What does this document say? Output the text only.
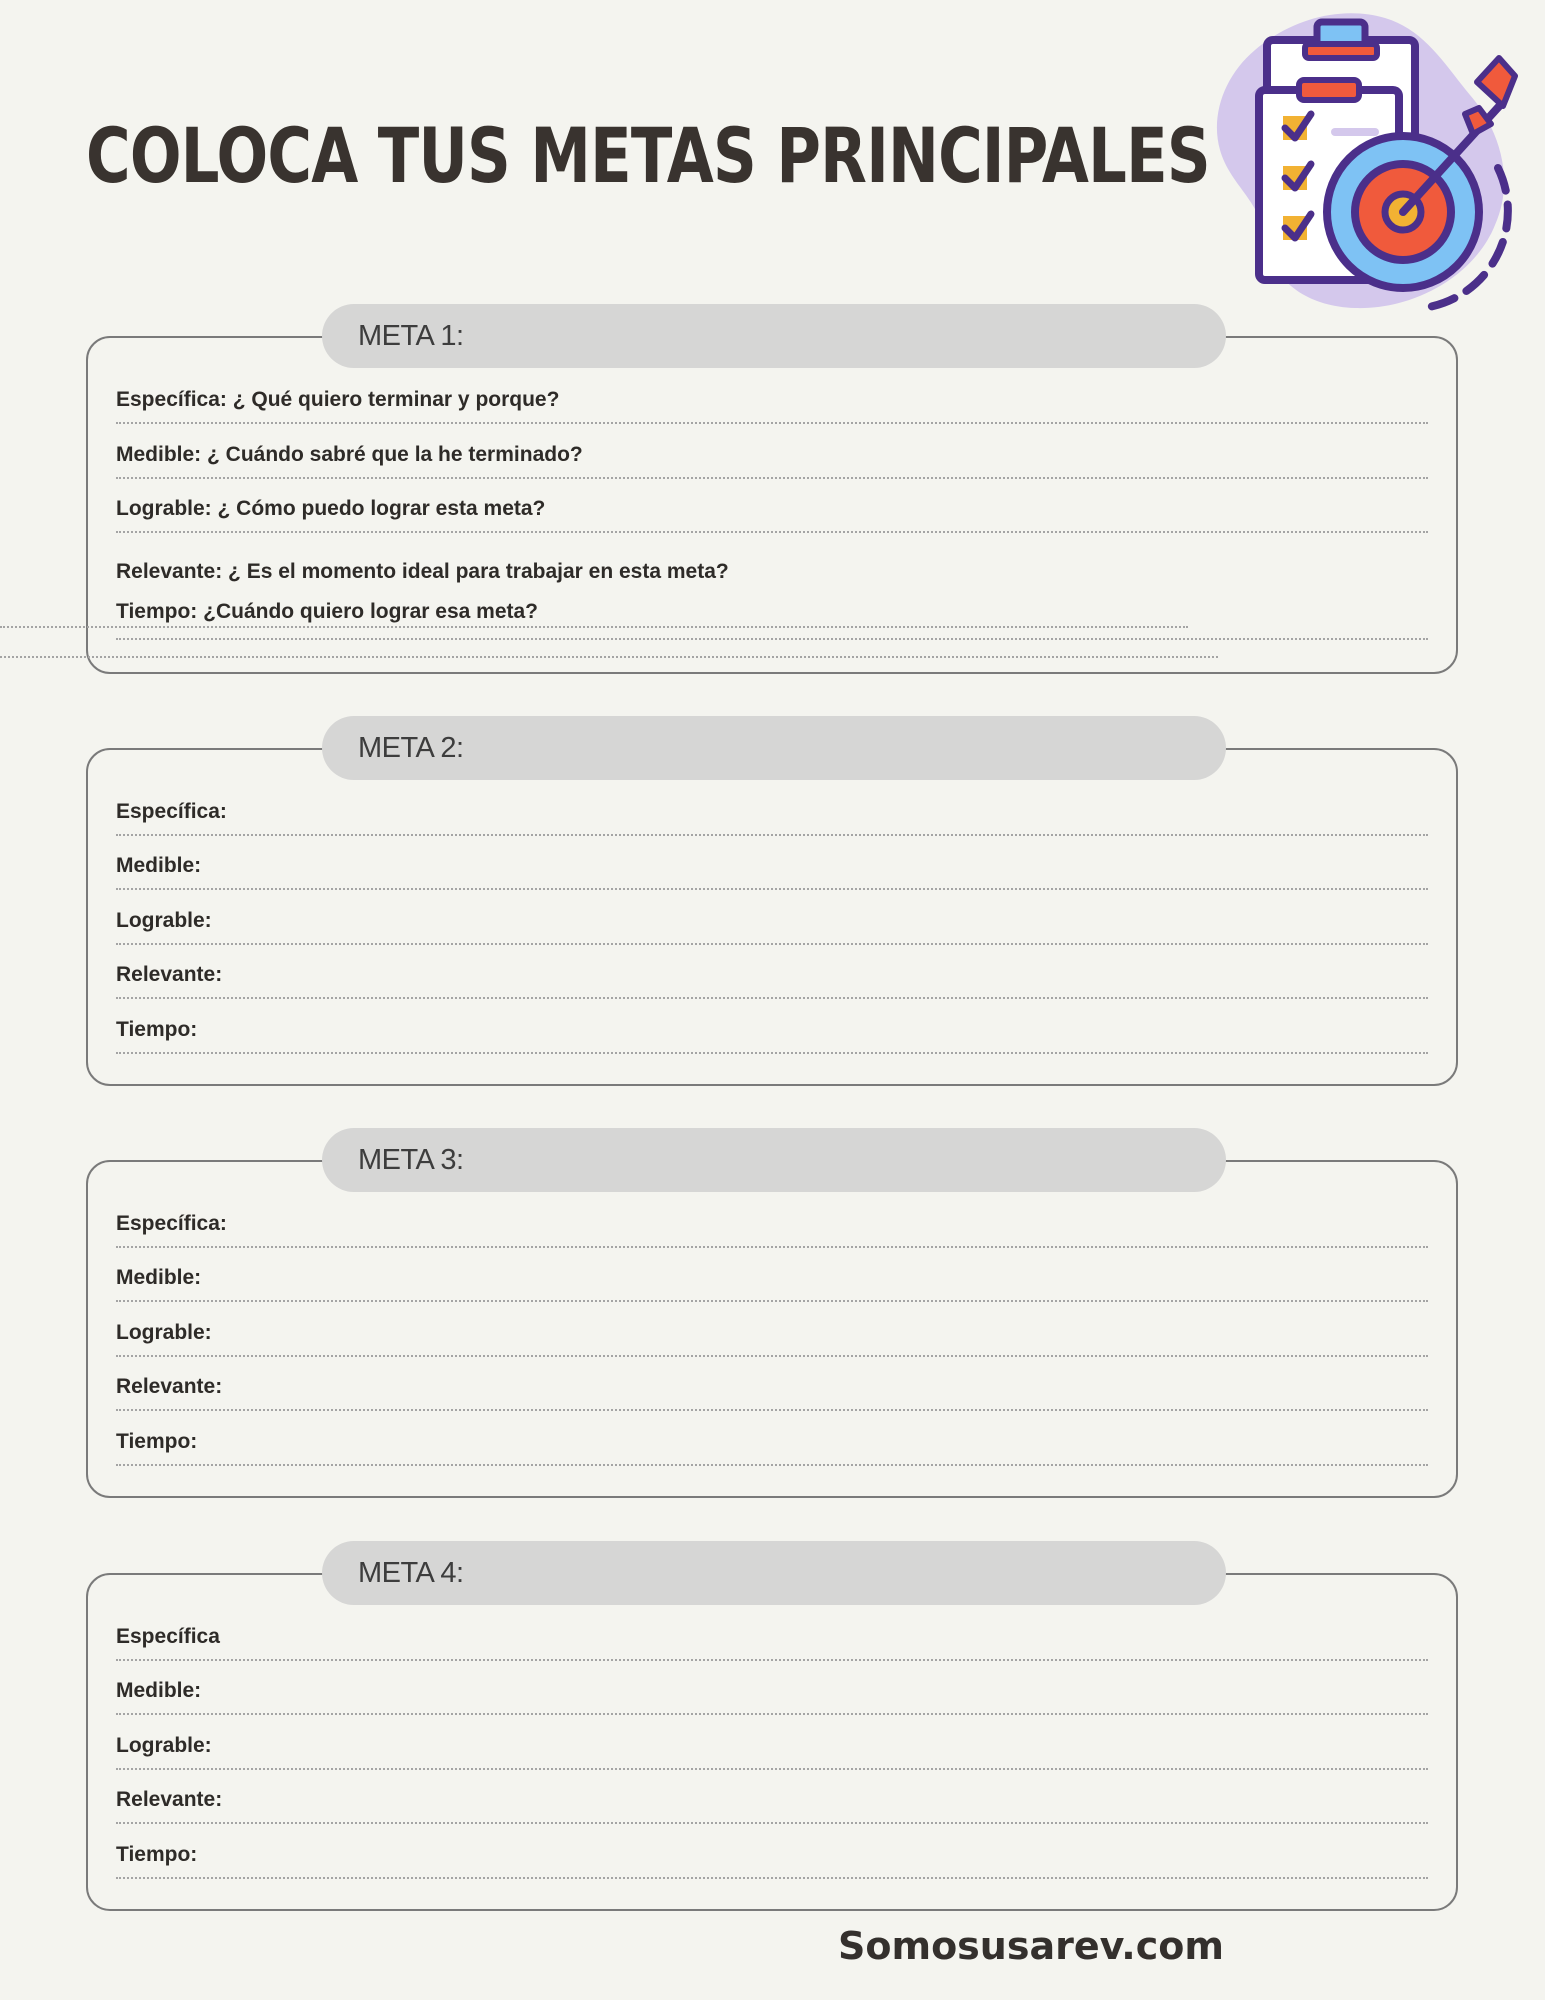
COLOCA TUS METAS PRINCIPALES
META 1:
Específica: ¿ Qué quiero terminar y porque?
Medible: ¿ Cuándo sabré que la he terminado?
Lograble: ¿ Cómo puedo lograr esta meta?
Relevante: ¿ Es el momento ideal para trabajar en esta meta?
Tiempo: ¿Cuándo quiero lograr esa meta?
META 2:
Específica:
Medible:
Lograble:
Relevante:
Tiempo:
META 3:
Específica:
Medible:
Lograble:
Relevante:
Tiempo:
META 4:
Específica
Medible:
Lograble:
Relevante:
Tiempo:
Somosusarev.com
